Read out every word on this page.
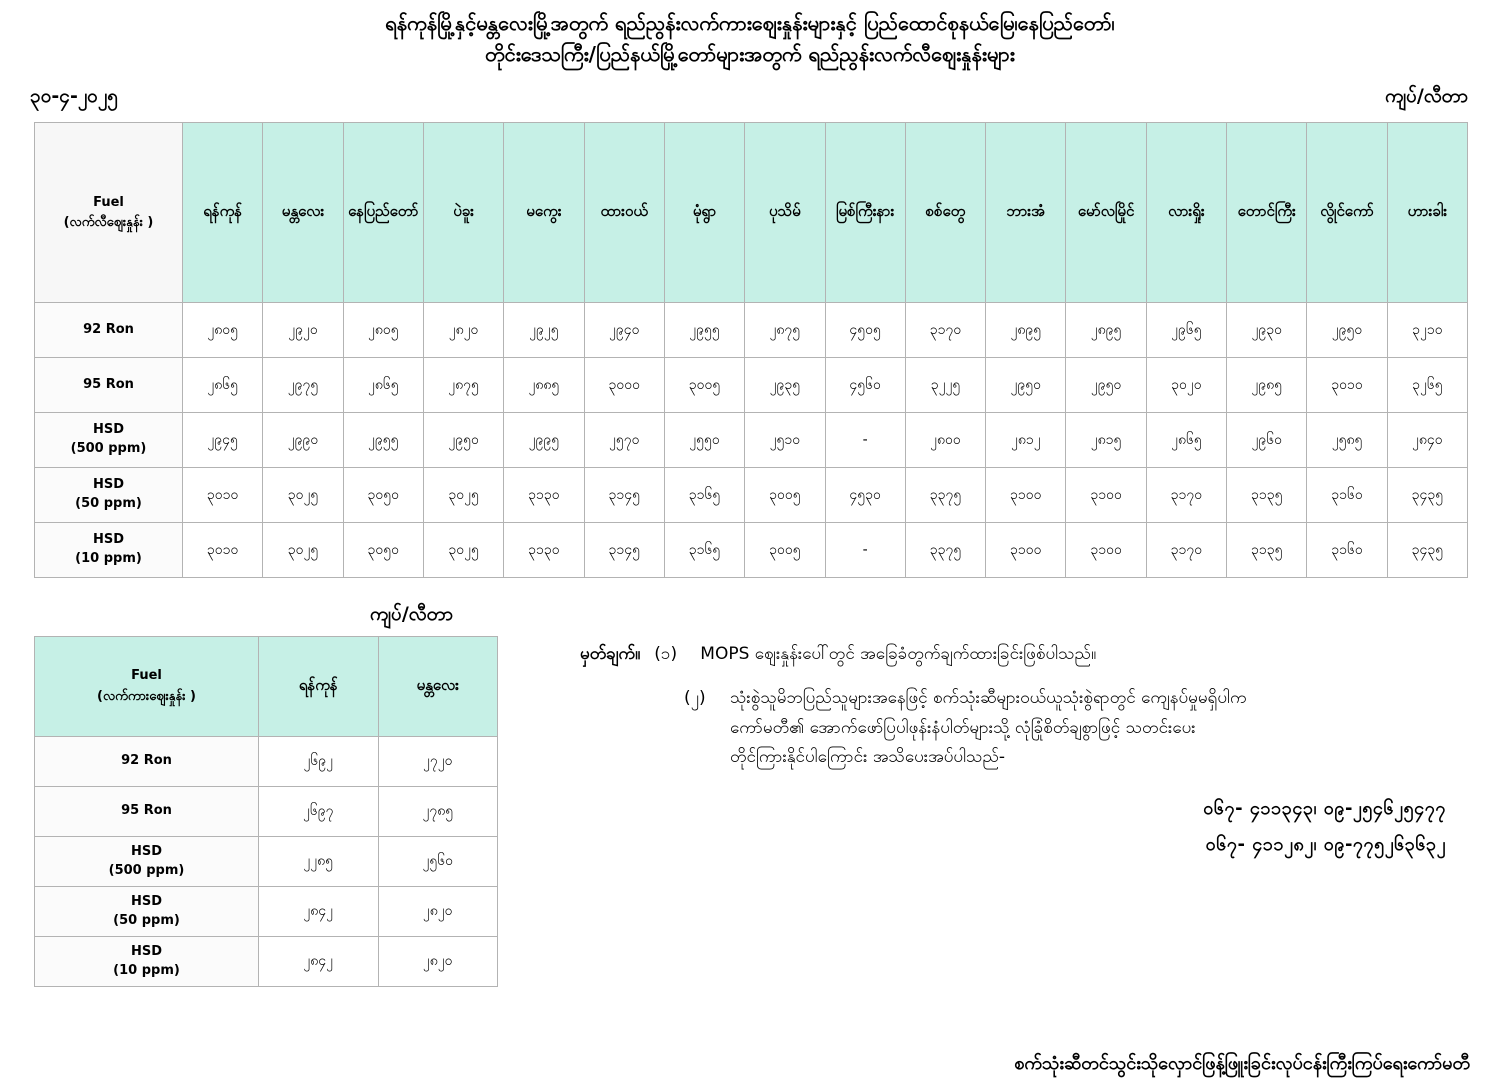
ရန်ကုန်မြို့နှင့်မန္တလေးမြို့အတွက် ရည်ညွန်းလက်ကားဈေးနှုန်းများနှင့် ပြည်ထောင်စုနယ်မြေ၊နေပြည်တော်၊
တိုင်းဒေသကြီး/ပြည်နယ်မြို့တော်များအတွက် ရည်ညွန်းလက်လီဈေးနှုန်းများ
၃၀-၄-၂၀၂၅	ကျပ်/လီတာ
Fuel
(လက်လီဈေးနှုန်း )	ရန်ကုန်	မန္တလေး	နေပြည်တော်	ပဲခူး	မကွေး	ထားဝယ်	မုံရွာ	ပုသိမ်	မြစ်ကြီးနား	စစ်တွေ	ဘားအံ	မော်လမြိုင်	လားရှိုး	တောင်ကြီး	လွိုင်ကော်	ဟားခါး

92 Ron	၂၈၀၅	၂၉၂၀	၂၈၀၅	၂၈၂၀	၂၉၂၅	၂၉၄၀	၂၉၅၅	၂၈၇၅	၄၅၀၅	၃၁၇၀	၂၈၉၅	၂၈၉၅	၂၉၆၅	၂၉၃၀	၂၉၅၀	၃၂၁၀

95 Ron	၂၈၆၅	၂၉၇၅	၂၈၆၅	၂၈၇၅	၂၈၈၅	၃၀၀၀	၃၀၀၅	၂၉၃၅	၄၅၆၀	၃၂၂၅	၂၉၅၀	၂၉၅၀	၃၀၂၀	၂၉၈၅	၃၀၁၀	၃၂၆၅

HSD
(500 ppm)	၂၉၄၅	၂၉၉၀	၂၉၅၅	၂၉၅၀	၂၉၉၅	၂၅၇၀	၂၅၅၀	၂၅၁၀	-	၂၈၀၀	၂၈၁၂	၂၈၁၅	၂၈၆၅	၂၉၆၀	၂၅၈၅	၂၈၄၀

HSD
(50 ppm)	၃၀၁၀	၃၀၂၅	၃၀၅၀	၃၀၂၅	၃၁၃၀	၃၁၄၅	၃၁၆၅	၃၀၀၅	၄၅၃၀	၃၃၇၅	၃၁၀၀	၃၁၀၀	၃၁၇၀	၃၁၃၅	၃၁၆၀	၃၄၃၅

HSD
(10 ppm)	၃၀၁၀	၃၀၂၅	၃၀၅၀	၃၀၂၅	၃၁၃၀	၃၁၄၅	၃၁၆၅	၃၀၀၅	-	၃၃၇၅	၃၁၀၀	၃၁၀၀	၃၁၇၀	၃၁၃၅	၃၁၆၀	၃၄၃၅
ကျပ်/လီတာ
Fuel
(လက်ကားဈေးနှုန်း )	ရန်ကုန်	မန္တလေး

92 Ron	၂၆၉၂	၂၇၂၀

95 Ron	၂၆၉၇	၂၇၈၅

HSD
(500 ppm)	၂၂၈၅	၂၅၆၀

HSD
(50 ppm)	၂၈၄၂	၂၈၂၀

HSD
(10 ppm)	၂၈၄၂	၂၈၂၀
မှတ်ချက်။ (၁)	MOPS ဈေးနှုန်းပေါ်တွင် အခြေခံတွက်ချက်ထားခြင်းဖြစ်ပါသည်။
(၂)	သုံးစွဲသူမိဘပြည်သူများအနေဖြင့် စက်သုံးဆီများဝယ်ယူသုံးစွဲရာတွင် ကျေနပ်မှုမရှိပါက
ကော်မတီ၏ အောက်ဖော်ပြပါဖုန်းနံပါတ်များသို့ လုံခြုံစိတ်ချစွာဖြင့် သတင်းပေး
တိုင်ကြားနိုင်ပါကြောင်း အသိပေးအပ်ပါသည်-
၀၆၇- ၄၁၁၃၄၃၊ ၀၉-၂၅၄၆၂၅၄၇၇
၀၆၇- ၄၁၁၂၈၂၊ ၀၉-၇၇၅၂၆၃၆၃၂
စက်သုံးဆီတင်သွင်းသိုလှောင်ဖြန့်ဖြူးခြင်းလုပ်ငန်းကြီးကြပ်ရေးကော်မတီ
